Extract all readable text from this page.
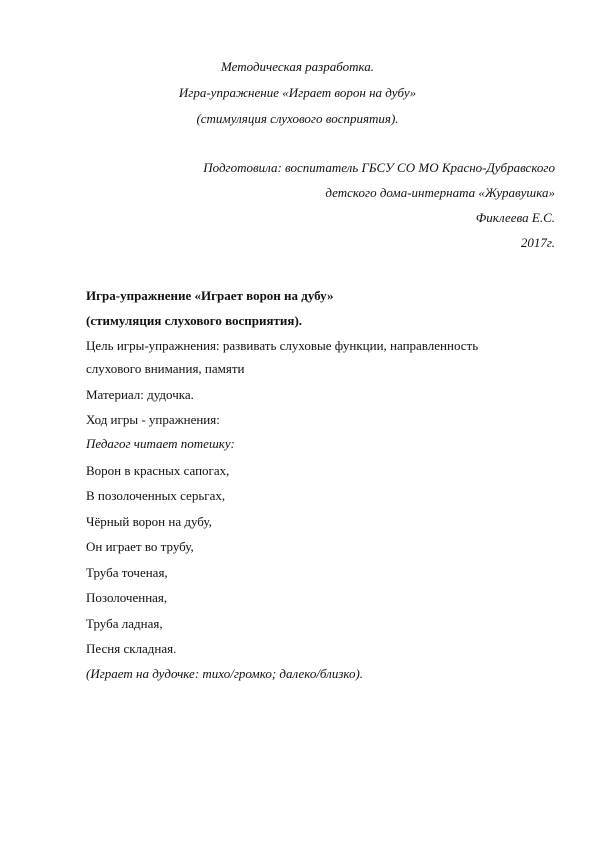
Методическая разработка.
Игра-упражнение «Играет ворон на дубу»
(стимуляция слухового восприятия).
Подготовила: воспитатель ГБСУ СО МО Красно-Дубравского
детского дома-интерната «Журавушка»
Фиклеева Е.С.
2017г.
Игра-упражнение «Играет ворон на дубу»
(стимуляция слухового восприятия).
Цель игры-упражнения: развивать слуховые функции, направленность
слухового внимания, памяти
Материал: дудочка.
Ход игры - упражнения:
Педагог читает потешку:
Ворон в красных сапогах,
В позолоченных серьгах,
Чёрный ворон на дубу,
Он играет во трубу,
Труба точеная,
Позолоченная,
Труба ладная,
Песня складная.
(Играет на дудочке: тихо/громко; далеко/близко).
